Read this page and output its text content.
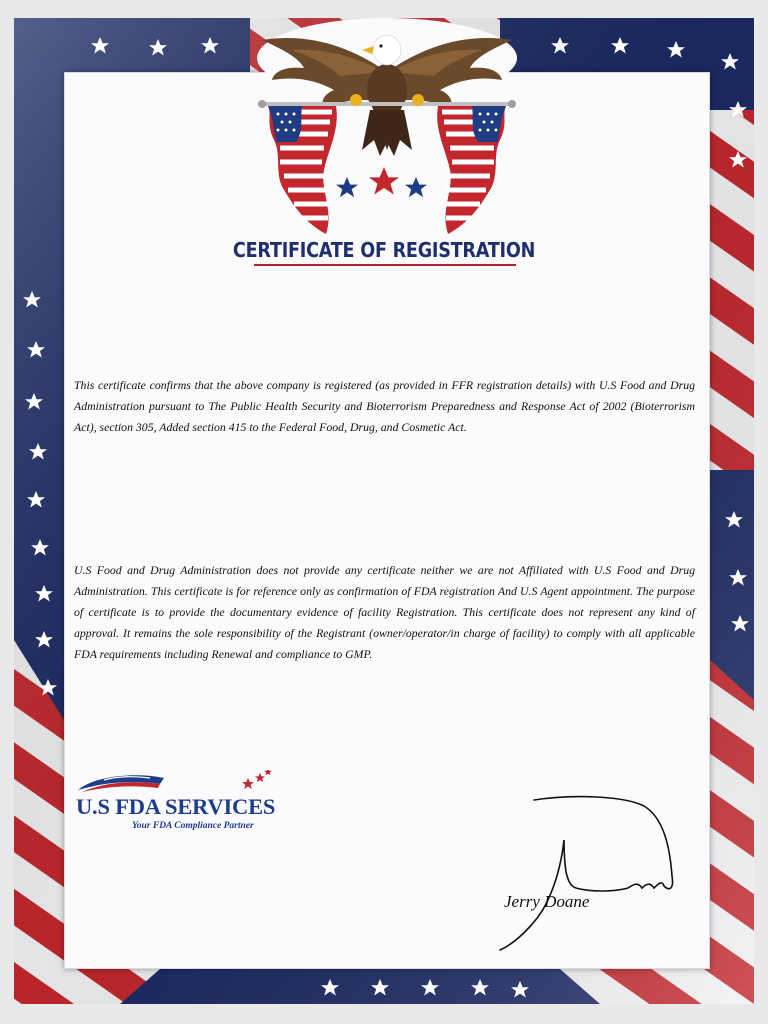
CERTIFICATE OF REGISTRATION

This certificate confirms that the above company is registered (as provided in FFR registration details) with U.S Food and Drug Administration pursuant to The Public Health Security and Bioterrorism Preparedness and Response Act of 2002 (Bioterrorism Act), section 305, Added section 415 to the Federal Food, Drug, and Cosmetic Act.

U.S Food and Drug Administration does not provide any certificate neither we are not Affiliated with U.S Food and Drug Administration. This certificate is for reference only as confirmation of FDA registration And U.S Agent appointment. The purpose of certificate is to provide the documentary evidence of facility Registration. This certificate does not represent any kind of approval. It remains the sole responsibility of the Registrant (owner/operator/in charge of facility) to comply with all applicable FDA requirements including Renewal and compliance to GMP.

U.S FDA SERVICES
Your FDA Compliance Partner
Jerry Doane
